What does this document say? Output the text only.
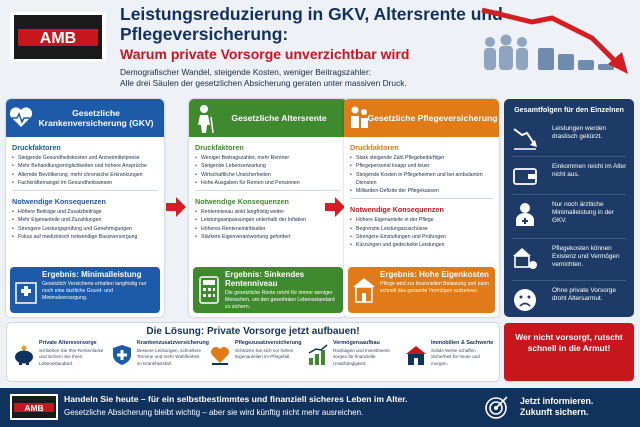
AMB
Leistungsreduzierung in GKV, Altersrente und Pflegeversicherung:
Warum private Vorsorge unverzichtbar wird
Demografischer Wandel, steigende Kosten, weniger Beitragszahler:
Alle drei Säulen der gesetzlichen Absicherung geraten unter massiven Druck.
Gesetzliche Krankenversicherung (GKV)
Druckfaktoren
• Steigende Gesundheitskosten und Arzneimittelpreise
• Mehr Behandlungsmöglichkeiten und höhere Ansprüche
• Alternde Bevölkerung, mehr chronische Erkrankungen
• Fachkräftemangel im Gesundheitswesen
Notwendige Konsequenzen
• Höhere Beiträge und Zusatzbeiträge
• Mehr Eigenanteile und Zuzahlungen
• Strengere Leistungsprüfung und Genehmigungen
• Fokus auf medizinisch notwendige Basisversorgung
Ergebnis: Minimalleistung
Gesetzlich Versicherte erhalten langfristig nur noch eine ärztliche Grund- und Minimalversorgung.
Gesetzliche Altersrente
Druckfaktoren
• Weniger Beitragszahler, mehr Rentner
• Steigende Lebenserwartung
• Wirtschaftliche Unsicherheiten
• Hohe Ausgaben für Renten und Pensionen
Notwendige Konsequenzen
• Rentenniveau sinkt langfristig weiter
• Leistungsanpassungen unterhalb der Inflation
• Höheres Renteneintrittsalter
• Stärkere Eigenverantwortung gefordert
Ergebnis: Sinkendes Rentenniveau
Die gesetzliche Rente reicht für immer weniger Menschen, um den gewohnten Lebensstandard zu sichern.
Gesetzliche Pflegeversicherung
Druckfaktoren
• Stark steigende Zahl Pflegebedürftiger
• Pflegepersonal knapp und teuer
• Steigende Kosten in Pflegeheimen und bei ambulanten Diensten
• Milliarden-Defizite der Pflegekassen
Notwendige Konsequenzen
• Höhere Eigenanteile in der Pflege
• Begrenzte Leistungszuschüsse
• Strengere Einstufungen und Prüfungen
• Kürzungen und gedeckelte Leistungen
Ergebnis: Hohe Eigenkosten
Pflege wird zur finanziellen Belastung und kann schnell das gesamte Vermögen aufzehren.
Gesamtfolgen für den Einzelnen
Leistungen werden drastisch gekürzt.
Einkommen reicht im Alter nicht aus.
Nur noch ärztliche Minimalleistung in der GKV.
Pflegekosten können Existenz und Vermögen vernichten.
Ohne private Vorsorge droht Altersarmut.
Wer nicht vorsorgt, rutscht schnell in die Armut!
Die Lösung: Private Vorsorge jetzt aufbauen!
Private Altersvorsorge
Schließen Sie Ihre Rentenlücke und sichern Sie Ihren Lebensstandard.
Krankenzusatzversicherung
Bessere Leistungen, schnellere Termine und mehr Wahlfreiheit im Krankheitsfall.
Pflegezusatzversicherung
Schützen Sie sich vor hohen Eigenanteilen im Pflegefall.
Vermögensaufbau
Rücklagen und Investments sorgen für finanzielle Unabhängigkeit.
Immobilien & Sachwerte
Solide Werte schaffen Sicherheit für heute und morgen.
AMB
Handeln Sie heute – für ein selbstbestimmtes und finanziell sicheres Leben im Alter.
Gesetzliche Absicherung bleibt wichtig – aber sie wird künftig nicht mehr ausreichen.
Jetzt informieren.
Zukunft sichern.
